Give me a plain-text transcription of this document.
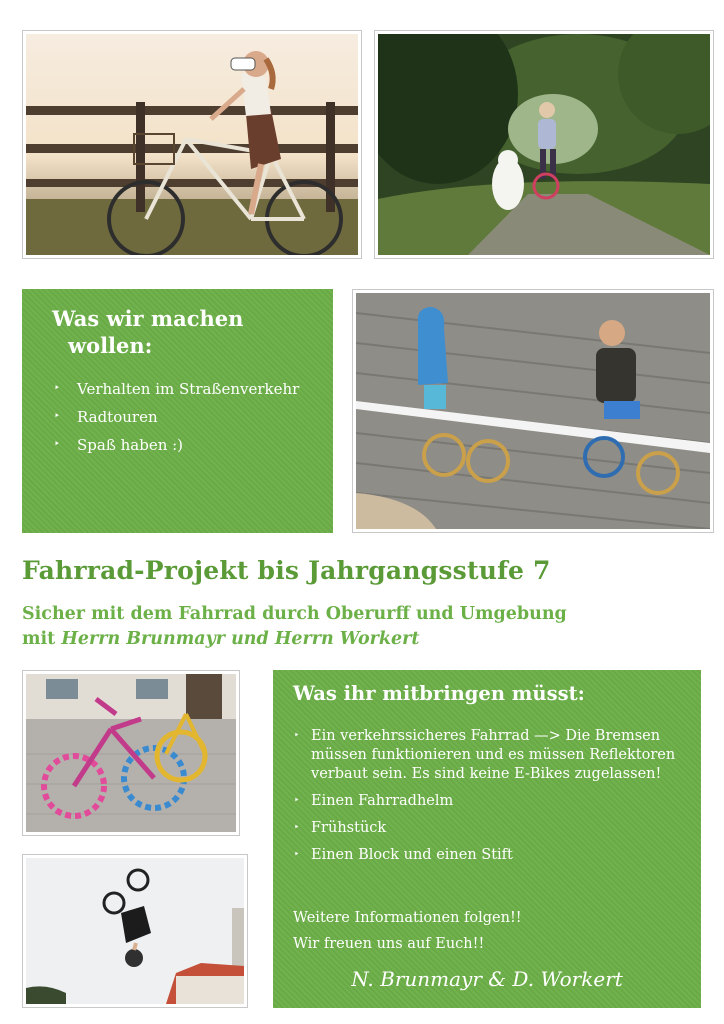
Was wir machen
wollen:
‣ Verhalten im Straßenverkehr
‣ Radtouren
‣ Spaß haben :)
Fahrrad-Projekt bis Jahrgangsstufe 7

Sicher mit dem Fahrrad durch Oberurff und Umgebung
mit Herrn Brunmayr und Herrn Workert

Was ihr mitbringen müsst:
‣ Ein verkehrssicheres Fahrrad —> Die Bremsen müssen funktionieren und es müssen Reflektoren verbaut sein. Es sind keine E-Bikes zugelassen!
‣ Einen Fahrradhelm
‣ Frühstück
‣ Einen Block und einen Stift
Weitere Informationen folgen!!
Wir freuen uns auf Euch!!
N. Brunmayr & D. Workert
